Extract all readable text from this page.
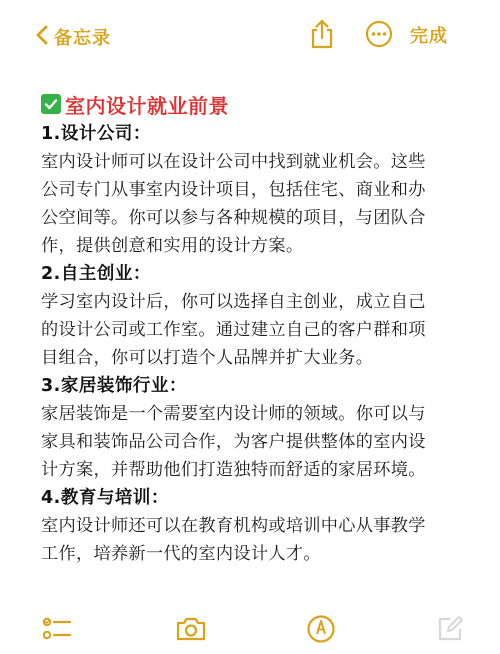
备忘录	完成
室内设计就业前景
1.设计公司：
室内设计师可以在设计公司中找到就业机会。这些
公司专门从事室内设计项目，包括住宅、商业和办
公空间等。你可以参与各种规模的项目，与团队合
作，提供创意和实用的设计方案。
2.自主创业：
学习室内设计后，你可以选择自主创业，成立自己
的设计公司或工作室。通过建立自己的客户群和项
目组合，你可以打造个人品牌并扩大业务。
3.家居装饰行业：
家居装饰是一个需要室内设计师的领域。你可以与
家具和装饰品公司合作，为客户提供整体的室内设
计方案，并帮助他们打造独特而舒适的家居环境。
4.教育与培训：
室内设计师还可以在教育机构或培训中心从事教学
工作，培养新一代的室内设计人才。
